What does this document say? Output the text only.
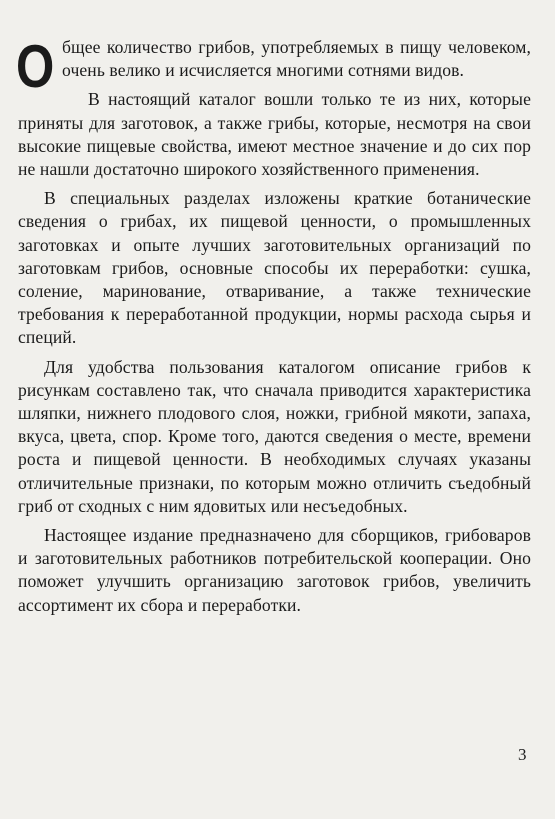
Общее количество грибов, употребляемых в пищу человеком, очень велико и исчисляется многими сотнями видов.

В настоящий каталог вошли только те из них, которые приняты для заготовок, а также грибы, которые, несмотря на свои высокие пищевые свойства, имеют местное значение и до сих пор не нашли достаточно широкого хозяйственного применения.

В специальных разделах изложены краткие ботанические сведения о грибах, их пищевой ценности, о промышленных заготовках и опыте лучших заготовительных организаций по заготовкам грибов, основные способы их переработки: сушка, соление, маринование, отваривание, а также технические требования к переработанной продукции, нормы расхода сырья и специй.

Для удобства пользования каталогом описание грибов к рисункам составлено так, что сначала приводится характеристика шляпки, нижнего плодового слоя, ножки, грибной мякоти, запаха, вкуса, цвета, спор. Кроме того, даются сведения о месте, времени роста и пищевой ценности. В необходимых случаях указаны отличительные признаки, по которым можно отличить съедобный гриб от сходных с ним ядовитых или несъедобных.

Настоящее издание предназначено для сборщиков, грибоваров и заготовительных работников потребительской кооперации. Оно поможет улучшить организацию заготовок грибов, увеличить ассортимент их сбора и переработки.

3
